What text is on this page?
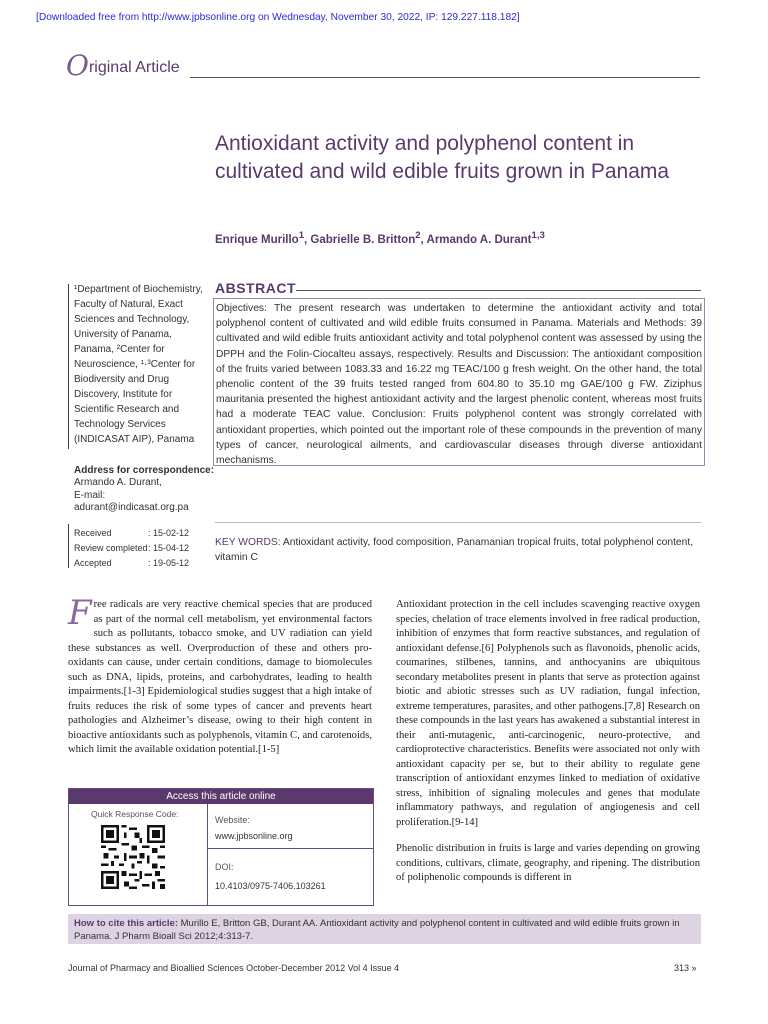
[Downloaded free from http://www.jpbsonline.org on Wednesday, November 30, 2022, IP: 129.227.118.182]
Original Article
Antioxidant activity and polyphenol content in cultivated and wild edible fruits grown in Panama
Enrique Murillo$^1$, Gabrielle B. Britton$^2$, Armando A. Durant$^{1,3}$
¹Department of Biochemistry, Faculty of Natural, Exact Sciences and Technology, University of Panama, Panama, ²Center for Neuroscience, ¹·³Center for Biodiversity and Drug Discovery, Institute for Scientific Research and Technology Services (INDICASAT AIP), Panama
Address for correspondence:
Armando A. Durant,
E-mail: adurant@indicasat.org.pa
Received	: 15-02-12
Review completed	: 15-04-12
Accepted	: 19-05-12
ABSTRACT
Objectives: The present research was undertaken to determine the antioxidant activity and total polyphenol content of cultivated and wild edible fruits consumed in Panama. Materials and Methods: 39 cultivated and wild edible fruits antioxidant activity and total polyphenol content was assessed by using the DPPH and the Folin-Ciocalteu assays, respectively. Results and Discussion: The antioxidant composition of the fruits varied between 1083.33 and 16.22 mg TEAC/100 g fresh weight. On the other hand, the total phenolic content of the 39 fruits tested ranged from 604.80 to 35.10 mg GAE/100 g FW. Ziziphus mauritania presented the highest antioxidant activity and the largest phenolic content, whereas most fruits had a moderate TEAC value. Conclusion: Fruits polyphenol content was strongly correlated with antioxidant properties, which pointed out the important role of these compounds in the prevention of many types of cancer, neurological ailments, and cardiovascular diseases through diverse antioxidant mechanisms.
KEY WORDS: Antioxidant activity, food composition, Panamanian tropical fruits, total polyphenol content, vitamin C
Free radicals are very reactive chemical species that are produced as part of the normal cell metabolism, yet environmental factors such as pollutants, tobacco smoke, and UV radiation can yield these substances as well. Overproduction of these and others pro-oxidants can cause, under certain conditions, damage to biomolecules such as DNA, lipids, proteins, and carbohydrates, leading to health impairments.[1-3] Epidemiological studies suggest that a high intake of fruits reduces the risk of some types of cancer and prevents heart pathologies and Alzheimer’s disease, owing to their high content in bioactive antioxidants such as polyphenols, vitamin C, and carotenoids, which limit the available oxidation potential.[1-5]
Access this article online
Quick Response Code:
Website:
www.jpbsonline.org
DOI:
10.4103/0975-7406.103261

Antioxidant protection in the cell includes scavenging reactive oxygen species, chelation of trace elements involved in free radical production, inhibition of enzymes that form reactive substances, and regulation of antioxidant defense.[6] Polyphenols such as flavonoids, phenolic acids, coumarines, stilbenes, tannins, and anthocyanins are ubiquitous secondary metabolites present in plants that serve as protection against biotic and abiotic stresses such as UV radiation, fungal infection, extreme temperatures, parasites, and other pathogens.[7,8] Research on these compounds in the last years has awakened a substantial interest in their anti-mutagenic, anti-carcinogenic, neuro-protective, and cardioprotective characteristics. Benefits were associated not only with antioxidant capacity per se, but to their ability to regulate gene transcription of antioxidant enzymes linked to mediation of oxidative stress, inhibition of signaling molecules and genes that modulate inflammatory pathways, and regulation of angiogenesis and cell proliferation.[9-14]

Phenolic distribution in fruits is large and varies depending on growing conditions, cultivars, climate, geography, and ripening. The distribution of poliphenolic compounds is different in

How to cite this article: Murillo E, Britton GB, Durant AA. Antioxidant activity and polyphenol content in cultivated and wild edible fruits grown in Panama. J Pharm Bioall Sci 2012;4:313-7.
Journal of Pharmacy and Bioallied Sciences October-December 2012 Vol 4 Issue 4	313 »
